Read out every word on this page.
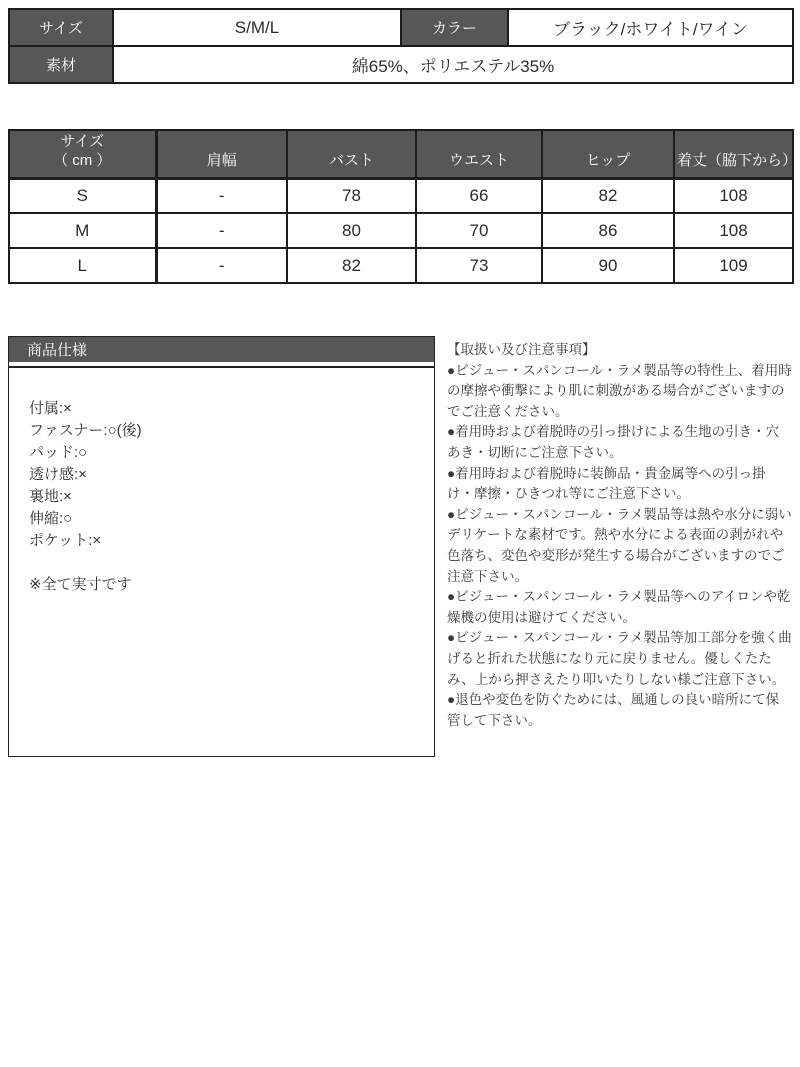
サイズ	S/M/L	カラー	ブラック/ホワイト/ワイン
素材	綿65%、ポリエステル35%		
サイズ
（ cm ）	肩幅	バスト	ウエスト	ヒップ	着丈（脇下から）
S	-	78	66	82	108
M	-	80	70	86	108
L	-	82	73	90	109
商品仕様
付属:×
ファスナー:○(後)
パッド:○
透け感:×
裏地:×
伸縮:○
ポケット:×
※全て実寸です

【取扱い及び注意事項】

●ビジュー・スパンコール・ラメ製品等の特性上、着用時の摩擦や衝撃により肌に刺激がある場合がございますのでご注意ください。

●着用時および着脱時の引っ掛けによる生地の引き・穴あき・切断にご注意下さい。

●着用時および着脱時に装飾品・貴金属等への引っ掛け・摩擦・ひきつれ等にご注意下さい。

●ビジュー・スパンコール・ラメ製品等は熱や水分に弱いデリケートな素材です。熱や水分による表面の剥がれや色落ち、変色や変形が発生する場合がございますのでご注意下さい。

●ビジュー・スパンコール・ラメ製品等へのアイロンや乾燥機の使用は避けてください。

●ビジュー・スパンコール・ラメ製品等加工部分を強く曲げると折れた状態になり元に戻りません。優しくたたみ、上から押さえたり叩いたりしない様ご注意下さい。

●退色や変色を防ぐためには、風通しの良い暗所にて保管して下さい。
